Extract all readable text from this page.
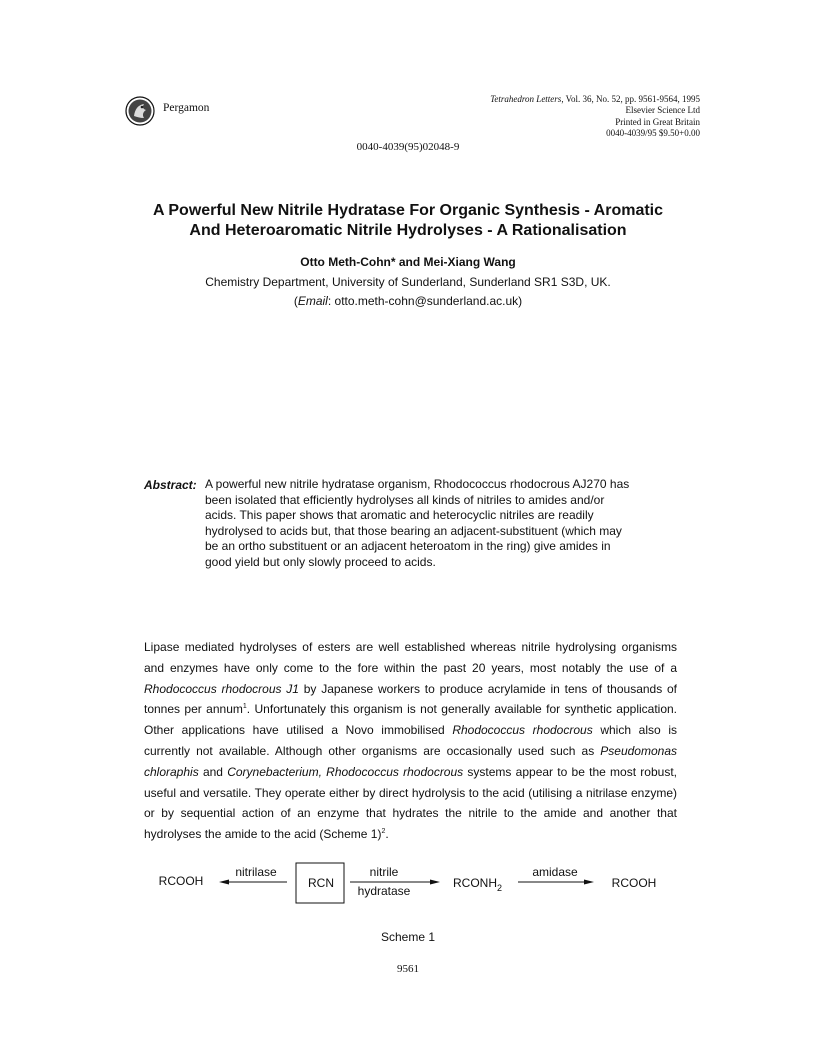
Pergamon
Tetrahedron Letters, Vol. 36, No. 52, pp. 9561-9564, 1995
Elsevier Science Ltd
Printed in Great Britain
0040-4039/95 $9.50+0.00
0040-4039(95)02048-9
A Powerful New Nitrile Hydratase For Organic Synthesis - Aromatic
And Heteroaromatic Nitrile Hydrolyses - A Rationalisation
Otto Meth-Cohn* and Mei-Xiang Wang
Chemistry Department, University of Sunderland, Sunderland SR1 S3D, UK.
(Email: otto.meth-cohn@sunderland.ac.uk)
Abstract: A powerful new nitrile hydratase organism, Rhodococcus rhodocrous AJ270 has been isolated that efficiently hydrolyses all kinds of nitriles to amides and/or acids. This paper shows that aromatic and heterocyclic nitriles are readily hydrolysed to acids but, that those bearing an adjacent-substituent (which may be an ortho substituent or an adjacent heteroatom in the ring) give amides in good yield but only slowly proceed to acids.
Lipase mediated hydrolyses of esters are well established whereas nitrile hydrolysing organisms and enzymes have only come to the fore within the past 20 years, most notably the use of a Rhodococcus rhodocrous J1 by Japanese workers to produce acrylamide in tens of thousands of tonnes per annum$^1$. Unfortunately this organism is not generally available for synthetic application. Other applications have utilised a Novo immobilised Rhodococcus rhodocrous which also is currently not available. Although other organisms are occasionally used such as Pseudomonas chloraphis and Corynebacterium, Rhodococcus rhodocrous systems appear to be the most robust, useful and versatile. They operate either by direct hydrolysis to the acid (utilising a nitrilase enzyme) or by sequential action of an enzyme that hydrates the nitrile to the amide and another that hydrolyses the amide to the acid (Scheme 1)$^2$.
RCOOH
nitrilase
RCN
nitrile
hydratase
$RCONH_2$
amidase
RCOOH
Scheme 1
9561
